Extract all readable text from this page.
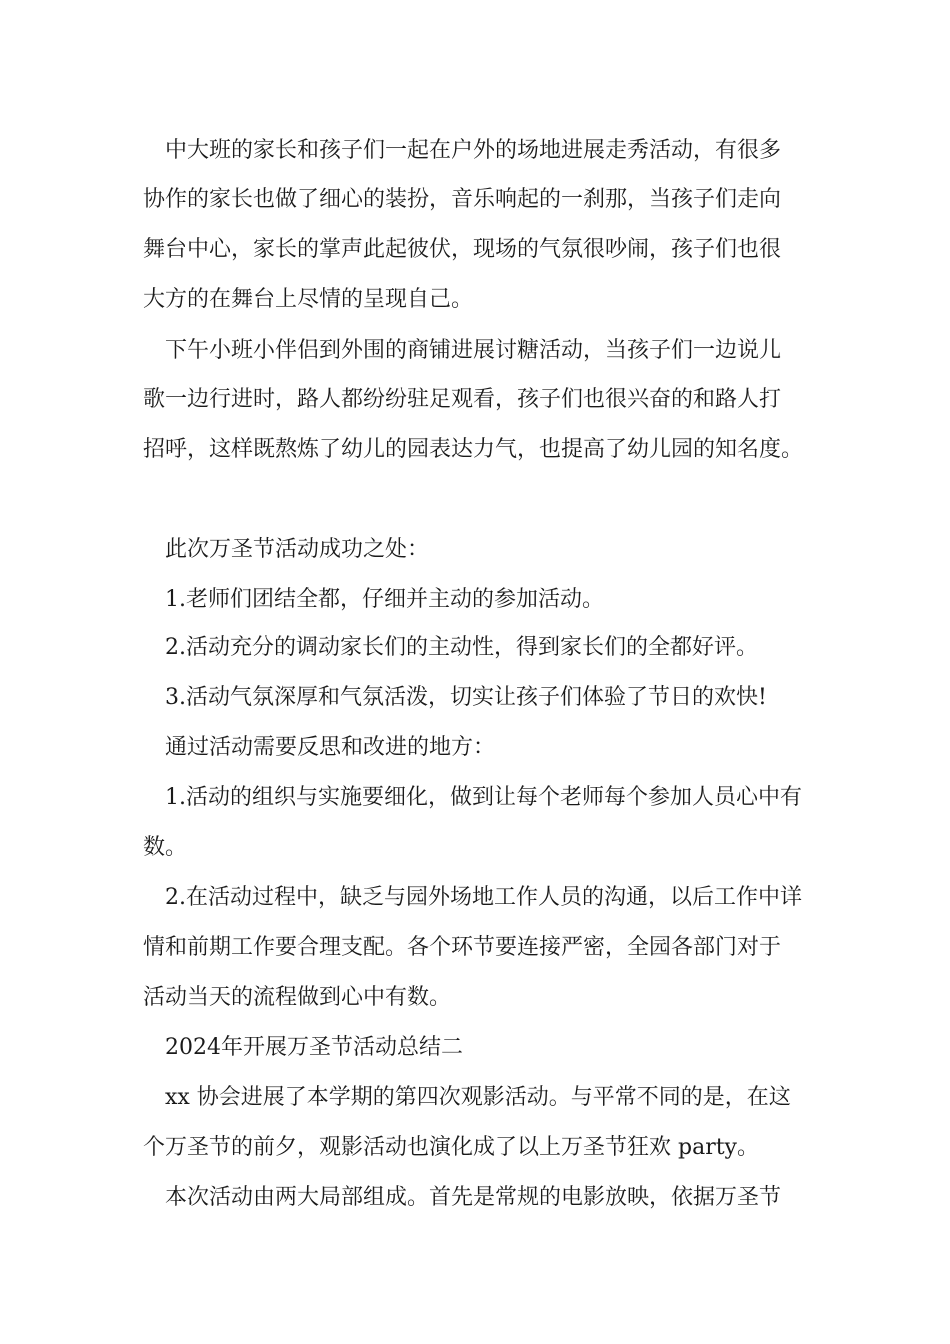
中大班的家长和孩子们一起在户外的场地进展走秀活动，有很多

协作的家长也做了细心的装扮，音乐响起的一刹那，当孩子们走向

舞台中心，家长的掌声此起彼伏，现场的气氛很吵闹，孩子们也很

大方的在舞台上尽情的呈现自己。

下午小班小伴侣到外围的商铺进展讨糖活动，当孩子们一边说儿

歌一边行进时，路人都纷纷驻足观看，孩子们也很兴奋的和路人打

招呼，这样既熬炼了幼儿的园表达力气，也提高了幼儿园的知名度。

此次万圣节活动成功之处：

1.老师们团结全都，仔细并主动的参加活动。

2.活动充分的调动家长们的主动性，得到家长们的全都好评。

3.活动气氛深厚和气氛活泼，切实让孩子们体验了节日的欢快!

通过活动需要反思和改进的地方：

1.活动的组织与实施要细化，做到让每个老师每个参加人员心中有

数。

2.在活动过程中，缺乏与园外场地工作人员的沟通，以后工作中详

情和前期工作要合理支配。各个环节要连接严密，全园各部门对于

活动当天的流程做到心中有数。

2024年开展万圣节活动总结二

xx 协会进展了本学期的第四次观影活动。与平常不同的是，在这

个万圣节的前夕，观影活动也演化成了以上万圣节狂欢 party。

本次活动由两大局部组成。首先是常规的电影放映，依据万圣节
